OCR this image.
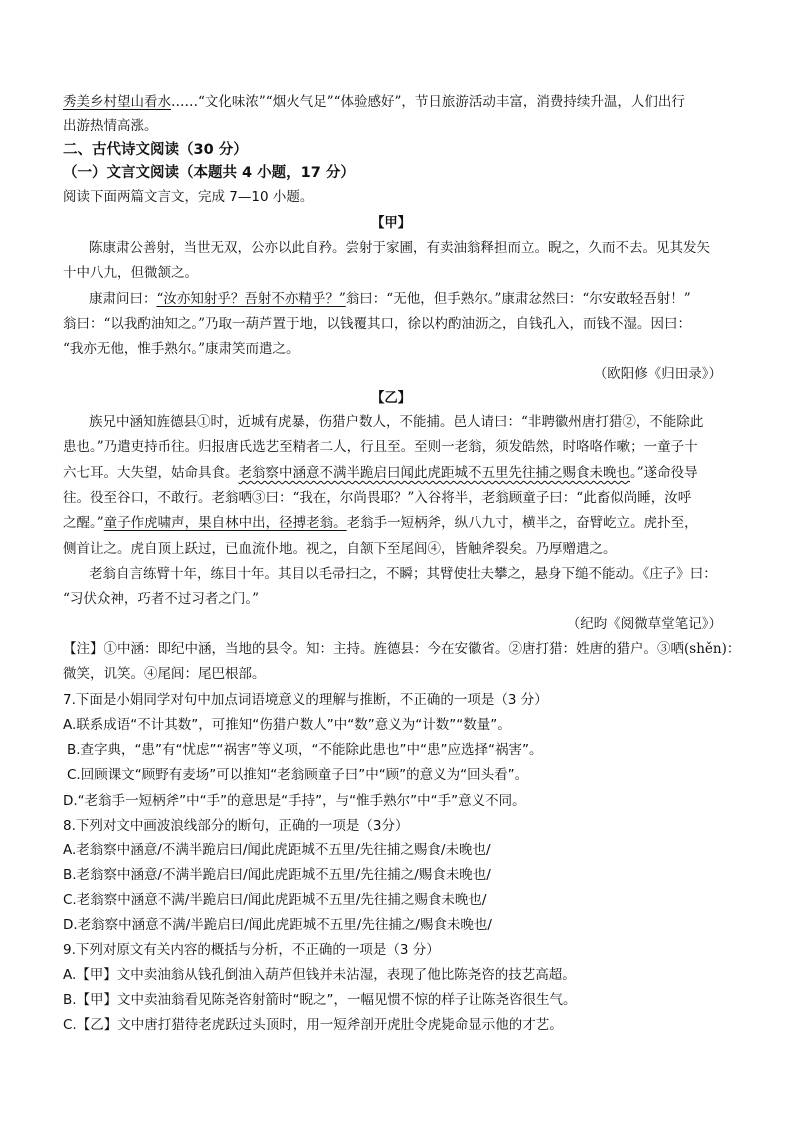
秀美乡村望山看水……“文化味浓”“烟火气足”“体验感好”，节日旅游活动丰富，消费持续升温，人们出行
出游热情高涨。
二、古代诗文阅读（30 分）
（一）文言文阅读（本题共 4 小题，17 分）
阅读下面两篇文言文，完成 7—10 小题。
【甲】
陈康肃公善射，当世无双，公亦以此自矜。尝射于家圃，有卖油翁释担而立。睨之，久而不去。见其发矢
十中八九，但微颔之。
康肃问曰：“汝亦知射乎？吾射不亦精乎？”翁曰：“无他，但手熟尔。”康肃忿然曰：“尔安敢轻吾射！”
翁曰：“以我酌油知之。”乃取一葫芦置于地，以钱覆其口，徐以杓酌油沥之，自钱孔入，而钱不湿。因曰：
“我亦无他，惟手熟尔。”康肃笑而遣之。
（欧阳修《归田录》）
【乙】
族兄中涵知旌德县①时，近城有虎暴，伤猎户数人，不能捕。邑人请曰：“非聘徽州唐打猎②，不能除此
患也。”乃遣吏持币往。归报唐氏选艺至精者二人，行且至。至则一老翁，须发皓然，时咯咯作嗽；一童子十
六七耳。大失望，姑命具食。老翁察中涵意不满半跪启曰闻此虎距城不五里先往捕之赐食未晚也。”遂命役导
往。役至谷口，不敢行。老翁哂③曰：“我在，尔尚畏耶？”入谷将半，老翁顾童子曰：“此畜似尚睡，汝呼
之醒。”童子作虎啸声，果自林中出，径搏老翁。老翁手一短柄斧，纵八九寸，横半之，奋臂屹立。虎扑至，
侧首让之。虎自顶上跃过，已血流仆地。视之，自颔下至尾闾④，皆触斧裂矣。乃厚赠遣之。
老翁自言练臂十年，练目十年。其目以毛帚扫之，不瞬；其臂使壮夫攀之，悬身下缒不能动。《庄子》曰：
“习伏众神，巧者不过习者之门。”
（纪昀《阅微草堂笔记》）
【注】①中涵：即纪中涵，当地的县令。知：主持。旌德县：今在安徽省。②唐打猎：姓唐的猎户。③哂(shěn)：
微笑，讥笑。④尾闾：尾巴根部。
7.下面是小娟同学对句中加点词语境意义的理解与推断，不正确的一项是（3 分）
A.联系成语“不计其数”，可推知“伤猎户数人”中“数”意义为“计数”“数量”。
B.查字典，“患”有“忧虑”“祸害”等义项，“不能除此患也”中“患”应选择“祸害”。
C.回顾课文“顾野有麦场”可以推知“老翁顾童子曰”中“顾”的意义为“回头看”。
D.“老翁手一短柄斧”中“手”的意思是“手持”，与“惟手熟尔”中“手”意义不同。
8.下列对文中画波浪线部分的断句，正确的一项是（3分）
A.老翁察中涵意/不满半跪启曰/闻此虎距城不五里/先往捕之赐食/未晚也/
B.老翁察中涵意/不满半跪启曰/闻此虎距城不五里/先往捕之/赐食未晚也/
C.老翁察中涵意不满/半跪启曰/闻此虎距城不五里/先往捕之赐食未晚也/
D.老翁察中涵意不满/半跪启曰/闻此虎距城不五里/先往捕之/赐食未晚也/
9.下列对原文有关内容的概括与分析，不正确的一项是（3 分）
A.【甲】文中卖油翁从钱孔倒油入葫芦但钱并未沾湿，表现了他比陈尧咨的技艺高超。
B.【甲】文中卖油翁看见陈尧咨射箭时“睨之”，一幅见惯不惊的样子让陈尧咨很生气。
C.【乙】文中唐打猎待老虎跃过头顶时，用一短斧剖开虎肚令虎毙命显示他的才艺。
